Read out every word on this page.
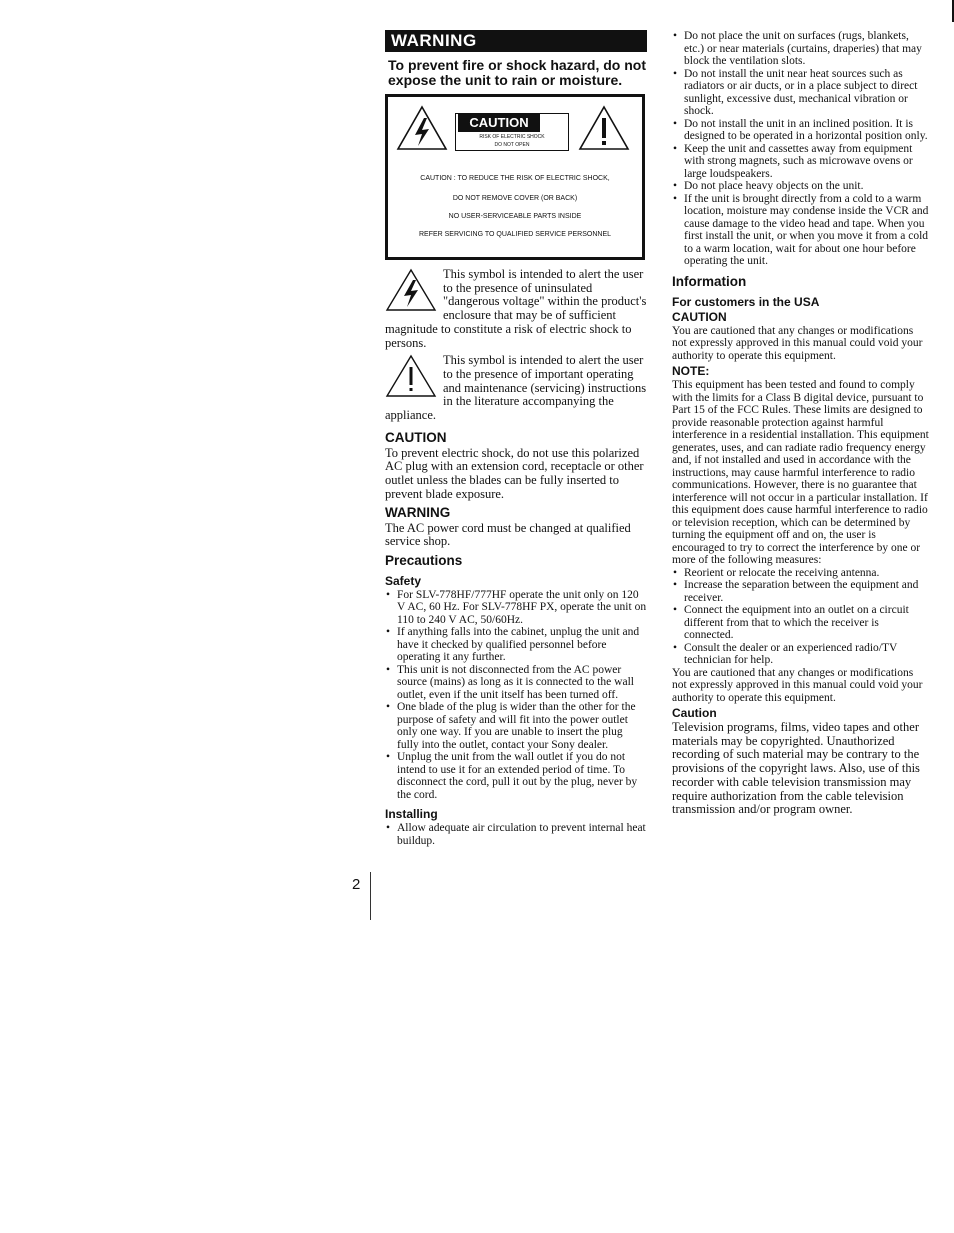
WARNING

To prevent fire or shock hazard, do not expose the unit to rain or moisture.

CAUTION
RISK OF ELECTRIC SHOCK
DO NOT OPEN
CAUTION : TO REDUCE THE RISK OF ELECTRIC SHOCK,
DO NOT REMOVE COVER (OR BACK)
NO USER-SERVICEABLE PARTS INSIDE
REFER SERVICING TO QUALIFIED SERVICE PERSONNEL

This symbol is intended to alert the user to the presence of uninsulated "dangerous voltage" within the product's enclosure that may be of sufficient magnitude to constitute a risk of electric shock to persons.

This symbol is intended to alert the user to the presence of important operating and maintenance (servicing) instructions in the literature accompanying the appliance.

CAUTION

To prevent electric shock, do not use this polarized AC plug with an extension cord, receptacle or other outlet unless the blades can be fully inserted to prevent blade exposure.

WARNING

The AC power cord must be changed at qualified service shop.

Precautions
Safety
• For SLV-778HF/777HF operate the unit only on 120 V AC, 60 Hz. For SLV-778HF PX, operate the unit on 110 to 240 V AC, 50/60Hz.
• If anything falls into the cabinet, unplug the unit and have it checked by qualified personnel before operating it any further.
• This unit is not disconnected from the AC power source (mains) as long as it is connected to the wall outlet, even if the unit itself has been turned off.
• One blade of the plug is wider than the other for the purpose of safety and will fit into the power outlet only one way. If you are unable to insert the plug fully into the outlet, contact your Sony dealer.
• Unplug the unit from the wall outlet if you do not intend to use it for an extended period of time. To disconnect the cord, pull it out by the plug, never by the cord.
Installing
• Allow adequate air circulation to prevent internal heat buildup.
• Do not place the unit on surfaces (rugs, blankets, etc.) or near materials (curtains, draperies) that may block the ventilation slots.
• Do not install the unit near heat sources such as radiators or air ducts, or in a place subject to direct sunlight, excessive dust, mechanical vibration or shock.
• Do not install the unit in an inclined position. It is designed to be operated in a horizontal position only.
• Keep the unit and cassettes away from equipment with strong magnets, such as microwave ovens or large loudspeakers.
• Do not place heavy objects on the unit.
• If the unit is brought directly from a cold to a warm location, moisture may condense inside the VCR and cause damage to the video head and tape. When you first install the unit, or when you move it from a cold to a warm location, wait for about one hour before operating the unit.
Information
For customers in the USA
CAUTION

You are cautioned that any changes or modifications not expressly approved in this manual could void your authority to operate this equipment.

NOTE:

This equipment has been tested and found to comply with the limits for a Class B digital device, pursuant to Part 15 of the FCC Rules. These limits are designed to provide reasonable protection against harmful interference in a residential installation. This equipment generates, uses, and can radiate radio frequency energy and, if not installed and used in accordance with the instructions, may cause harmful interference to radio communications. However, there is no guarantee that interference will not occur in a particular installation. If this equipment does cause harmful interference to radio or television reception, which can be determined by turning the equipment off and on, the user is encouraged to try to correct the interference by one or more of the following measures:

• Reorient or relocate the receiving antenna.
• Increase the separation between the equipment and receiver.
• Connect the equipment into an outlet on a circuit different from that to which the receiver is connected.
• Consult the dealer or an experienced radio/TV technician for help.

You are cautioned that any changes or modifications not expressly approved in this manual could void your authority to operate this equipment.

Caution

Television programs, films, video tapes and other materials may be copyrighted. Unauthorized recording of such material may be contrary to the provisions of the copyright laws. Also, use of this recorder with cable television transmission may require authorization from the cable television transmission and/or program owner.

2
